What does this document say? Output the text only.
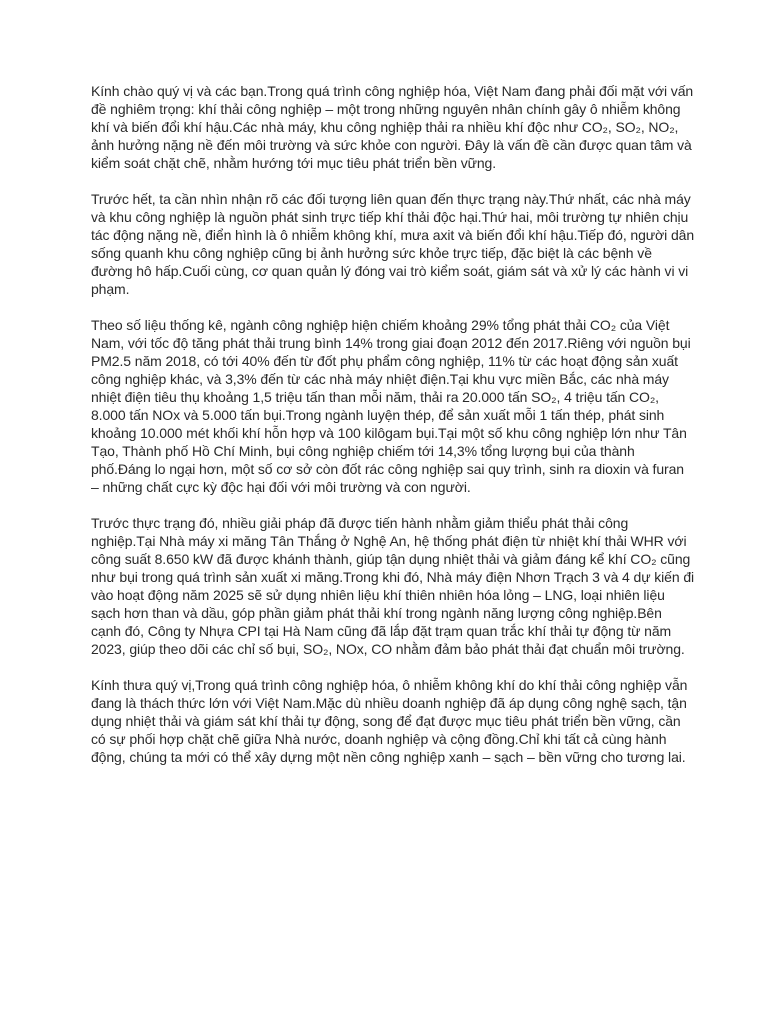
Kính chào quý vị và các bạn.Trong quá trình công nghiệp hóa, Việt Nam đang phải đối mặt với vấn đề nghiêm trọng: khí thải công nghiệp – một trong những nguyên nhân chính gây ô nhiễm không khí và biến đổi khí hậu.Các nhà máy, khu công nghiệp thải ra nhiều khí độc như CO₂, SO₂, NO₂, ảnh hưởng nặng nề đến môi trường và sức khỏe con người. Đây là vấn đề cần được quan tâm và kiểm soát chặt chẽ, nhằm hướng tới mục tiêu phát triển bền vững.

Trước hết, ta cần nhìn nhận rõ các đối tượng liên quan đến thực trạng này.Thứ nhất, các nhà máy và khu công nghiệp là nguồn phát sinh trực tiếp khí thải độc hại.Thứ hai, môi trường tự nhiên chịu tác động nặng nề, điển hình là ô nhiễm không khí, mưa axit và biến đổi khí hậu.Tiếp đó, người dân sống quanh khu công nghiệp cũng bị ảnh hưởng sức khỏe trực tiếp, đặc biệt là các bệnh về đường hô hấp.Cuối cùng, cơ quan quản lý đóng vai trò kiểm soát, giám sát và xử lý các hành vi vi phạm.

Theo số liệu thống kê, ngành công nghiệp hiện chiếm khoảng 29% tổng phát thải CO₂ của Việt Nam, với tốc độ tăng phát thải trung bình 14% trong giai đoạn 2012 đến 2017.Riêng với nguồn bụi PM2.5 năm 2018, có tới 40% đến từ đốt phụ phẩm công nghiệp, 11% từ các hoạt động sản xuất công nghiệp khác, và 3,3% đến từ các nhà máy nhiệt điện.Tại khu vực miền Bắc, các nhà máy nhiệt điện tiêu thụ khoảng 1,5 triệu tấn than mỗi năm, thải ra 20.000 tấn SO₂, 4 triệu tấn CO₂, 8.000 tấn NOx và 5.000 tấn bụi.Trong ngành luyện thép, để sản xuất mỗi 1 tấn thép, phát sinh khoảng 10.000 mét khối khí hỗn hợp và 100 kilôgam bụi.Tại một số khu công nghiệp lớn như Tân Tạo, Thành phố Hồ Chí Minh, bụi công nghiệp chiếm tới 14,3% tổng lượng bụi của thành phố.Đáng lo ngại hơn, một số cơ sở còn đốt rác công nghiệp sai quy trình, sinh ra dioxin và furan – những chất cực kỳ độc hại đối với môi trường và con người.

Trước thực trạng đó, nhiều giải pháp đã được tiến hành nhằm giảm thiểu phát thải công nghiệp.Tại Nhà máy xi măng Tân Thắng ở Nghệ An, hệ thống phát điện từ nhiệt khí thải WHR với công suất 8.650 kW đã được khánh thành, giúp tận dụng nhiệt thải và giảm đáng kể khí CO₂ cũng như bụi trong quá trình sản xuất xi măng.Trong khi đó, Nhà máy điện Nhơn Trạch 3 và 4 dự kiến đi vào hoạt động năm 2025 sẽ sử dụng nhiên liệu khí thiên nhiên hóa lỏng – LNG, loại nhiên liệu sạch hơn than và dầu, góp phần giảm phát thải khí trong ngành năng lượng công nghiệp.Bên cạnh đó, Công ty Nhựa CPI tại Hà Nam cũng đã lắp đặt trạm quan trắc khí thải tự động từ năm 2023, giúp theo dõi các chỉ số bụi, SO₂, NOx, CO nhằm đảm bảo phát thải đạt chuẩn môi trường.

Kính thưa quý vị,Trong quá trình công nghiệp hóa, ô nhiễm không khí do khí thải công nghiệp vẫn đang là thách thức lớn với Việt Nam.Mặc dù nhiều doanh nghiệp đã áp dụng công nghệ sạch, tận dụng nhiệt thải và giám sát khí thải tự động, song để đạt được mục tiêu phát triển bền vững, cần có sự phối hợp chặt chẽ giữa Nhà nước, doanh nghiệp và cộng đồng.Chỉ khi tất cả cùng hành động, chúng ta mới có thể xây dựng một nền công nghiệp xanh – sạch – bền vững cho tương lai.
